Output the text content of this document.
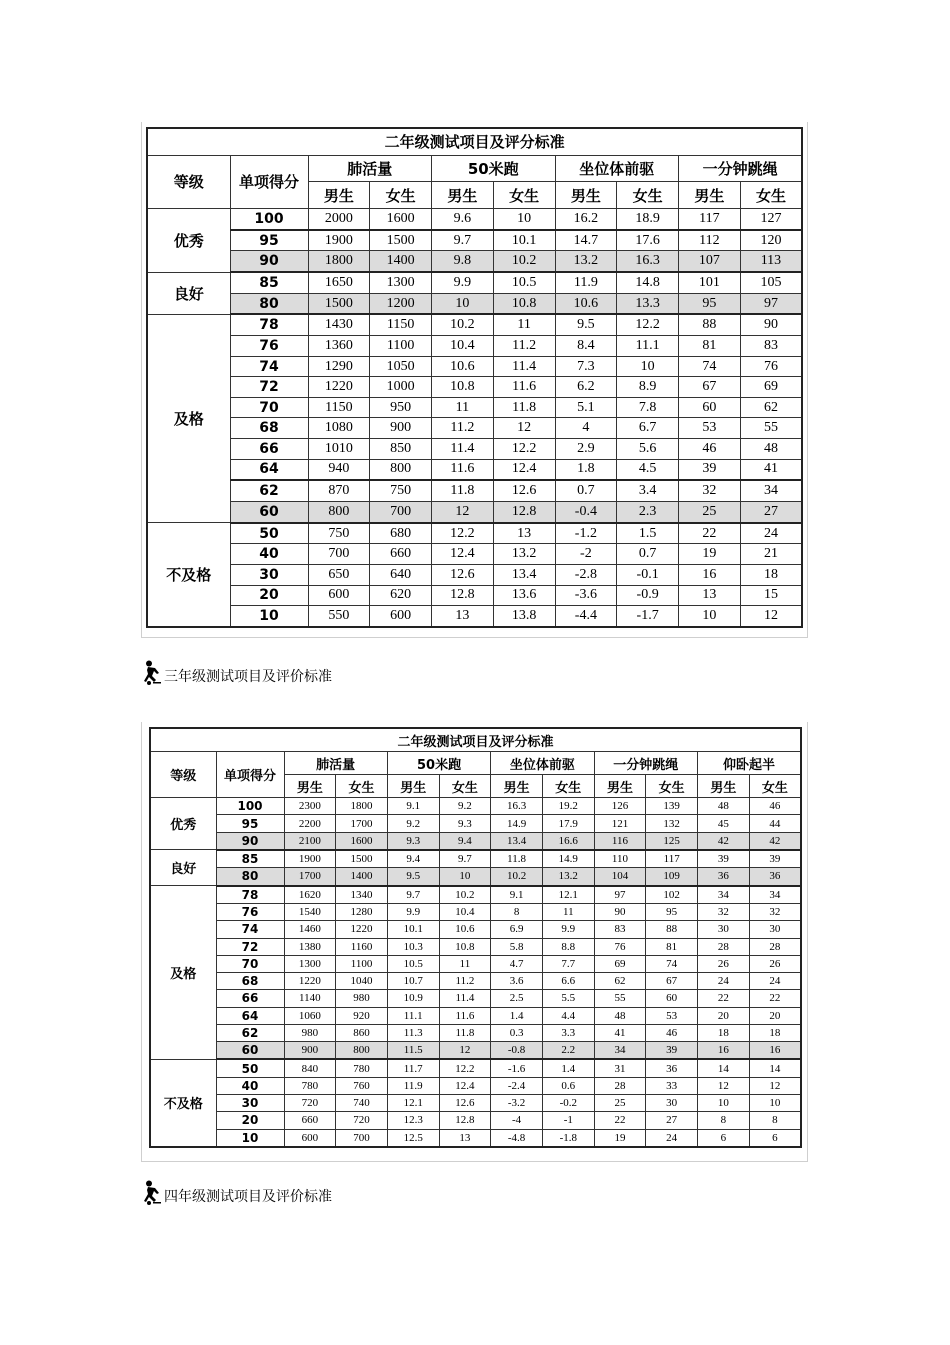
二年级测试项目及评分标准									
等级	单项得分	肺活量		50米跑		坐位体前驱		一分钟跳绳	
		男生	女生	男生	女生	男生	女生	男生	女生
优秀	100	2000	1600	9.6	10	16.2	18.9	117	127
	95	1900	1500	9.7	10.1	14.7	17.6	112	120
	90	1800	1400	9.8	10.2	13.2	16.3	107	113
良好	85	1650	1300	9.9	10.5	11.9	14.8	101	105
	80	1500	1200	10	10.8	10.6	13.3	95	97
及格	78	1430	1150	10.2	11	9.5	12.2	88	90
	76	1360	1100	10.4	11.2	8.4	11.1	81	83
	74	1290	1050	10.6	11.4	7.3	10	74	76
	72	1220	1000	10.8	11.6	6.2	8.9	67	69
	70	1150	950	11	11.8	5.1	7.8	60	62
	68	1080	900	11.2	12	4	6.7	53	55
	66	1010	850	11.4	12.2	2.9	5.6	46	48
	64	940	800	11.6	12.4	1.8	4.5	39	41
	62	870	750	11.8	12.6	0.7	3.4	32	34
	60	800	700	12	12.8	-0.4	2.3	25	27
不及格	50	750	680	12.2	13	-1.2	1.5	22	24
	40	700	660	12.4	13.2	-2	0.7	19	21
	30	650	640	12.6	13.4	-2.8	-0.1	16	18
	20	600	620	12.8	13.6	-3.6	-0.9	13	15
	10	550	600	13	13.8	-4.4	-1.7	10	12
三年级测试项目及评价标准
二年级测试项目及评分标准											
等级	单项得分	肺活量		50米跑		坐位体前驱		一分钟跳绳		仰卧起半	
		男生	女生	男生	女生	男生	女生	男生	女生	男生	女生
优秀	100	2300	1800	9.1	9.2	16.3	19.2	126	139	48	46
	95	2200	1700	9.2	9.3	14.9	17.9	121	132	45	44
	90	2100	1600	9.3	9.4	13.4	16.6	116	125	42	42
良好	85	1900	1500	9.4	9.7	11.8	14.9	110	117	39	39
	80	1700	1400	9.5	10	10.2	13.2	104	109	36	36
及格	78	1620	1340	9.7	10.2	9.1	12.1	97	102	34	34
	76	1540	1280	9.9	10.4	8	11	90	95	32	32
	74	1460	1220	10.1	10.6	6.9	9.9	83	88	30	30
	72	1380	1160	10.3	10.8	5.8	8.8	76	81	28	28
	70	1300	1100	10.5	11	4.7	7.7	69	74	26	26
	68	1220	1040	10.7	11.2	3.6	6.6	62	67	24	24
	66	1140	980	10.9	11.4	2.5	5.5	55	60	22	22
	64	1060	920	11.1	11.6	1.4	4.4	48	53	20	20
	62	980	860	11.3	11.8	0.3	3.3	41	46	18	18
	60	900	800	11.5	12	-0.8	2.2	34	39	16	16
不及格	50	840	780	11.7	12.2	-1.6	1.4	31	36	14	14
	40	780	760	11.9	12.4	-2.4	0.6	28	33	12	12
	30	720	740	12.1	12.6	-3.2	-0.2	25	30	10	10
	20	660	720	12.3	12.8	-4	-1	22	27	8	8
	10	600	700	12.5	13	-4.8	-1.8	19	24	6	6
四年级测试项目及评价标准
